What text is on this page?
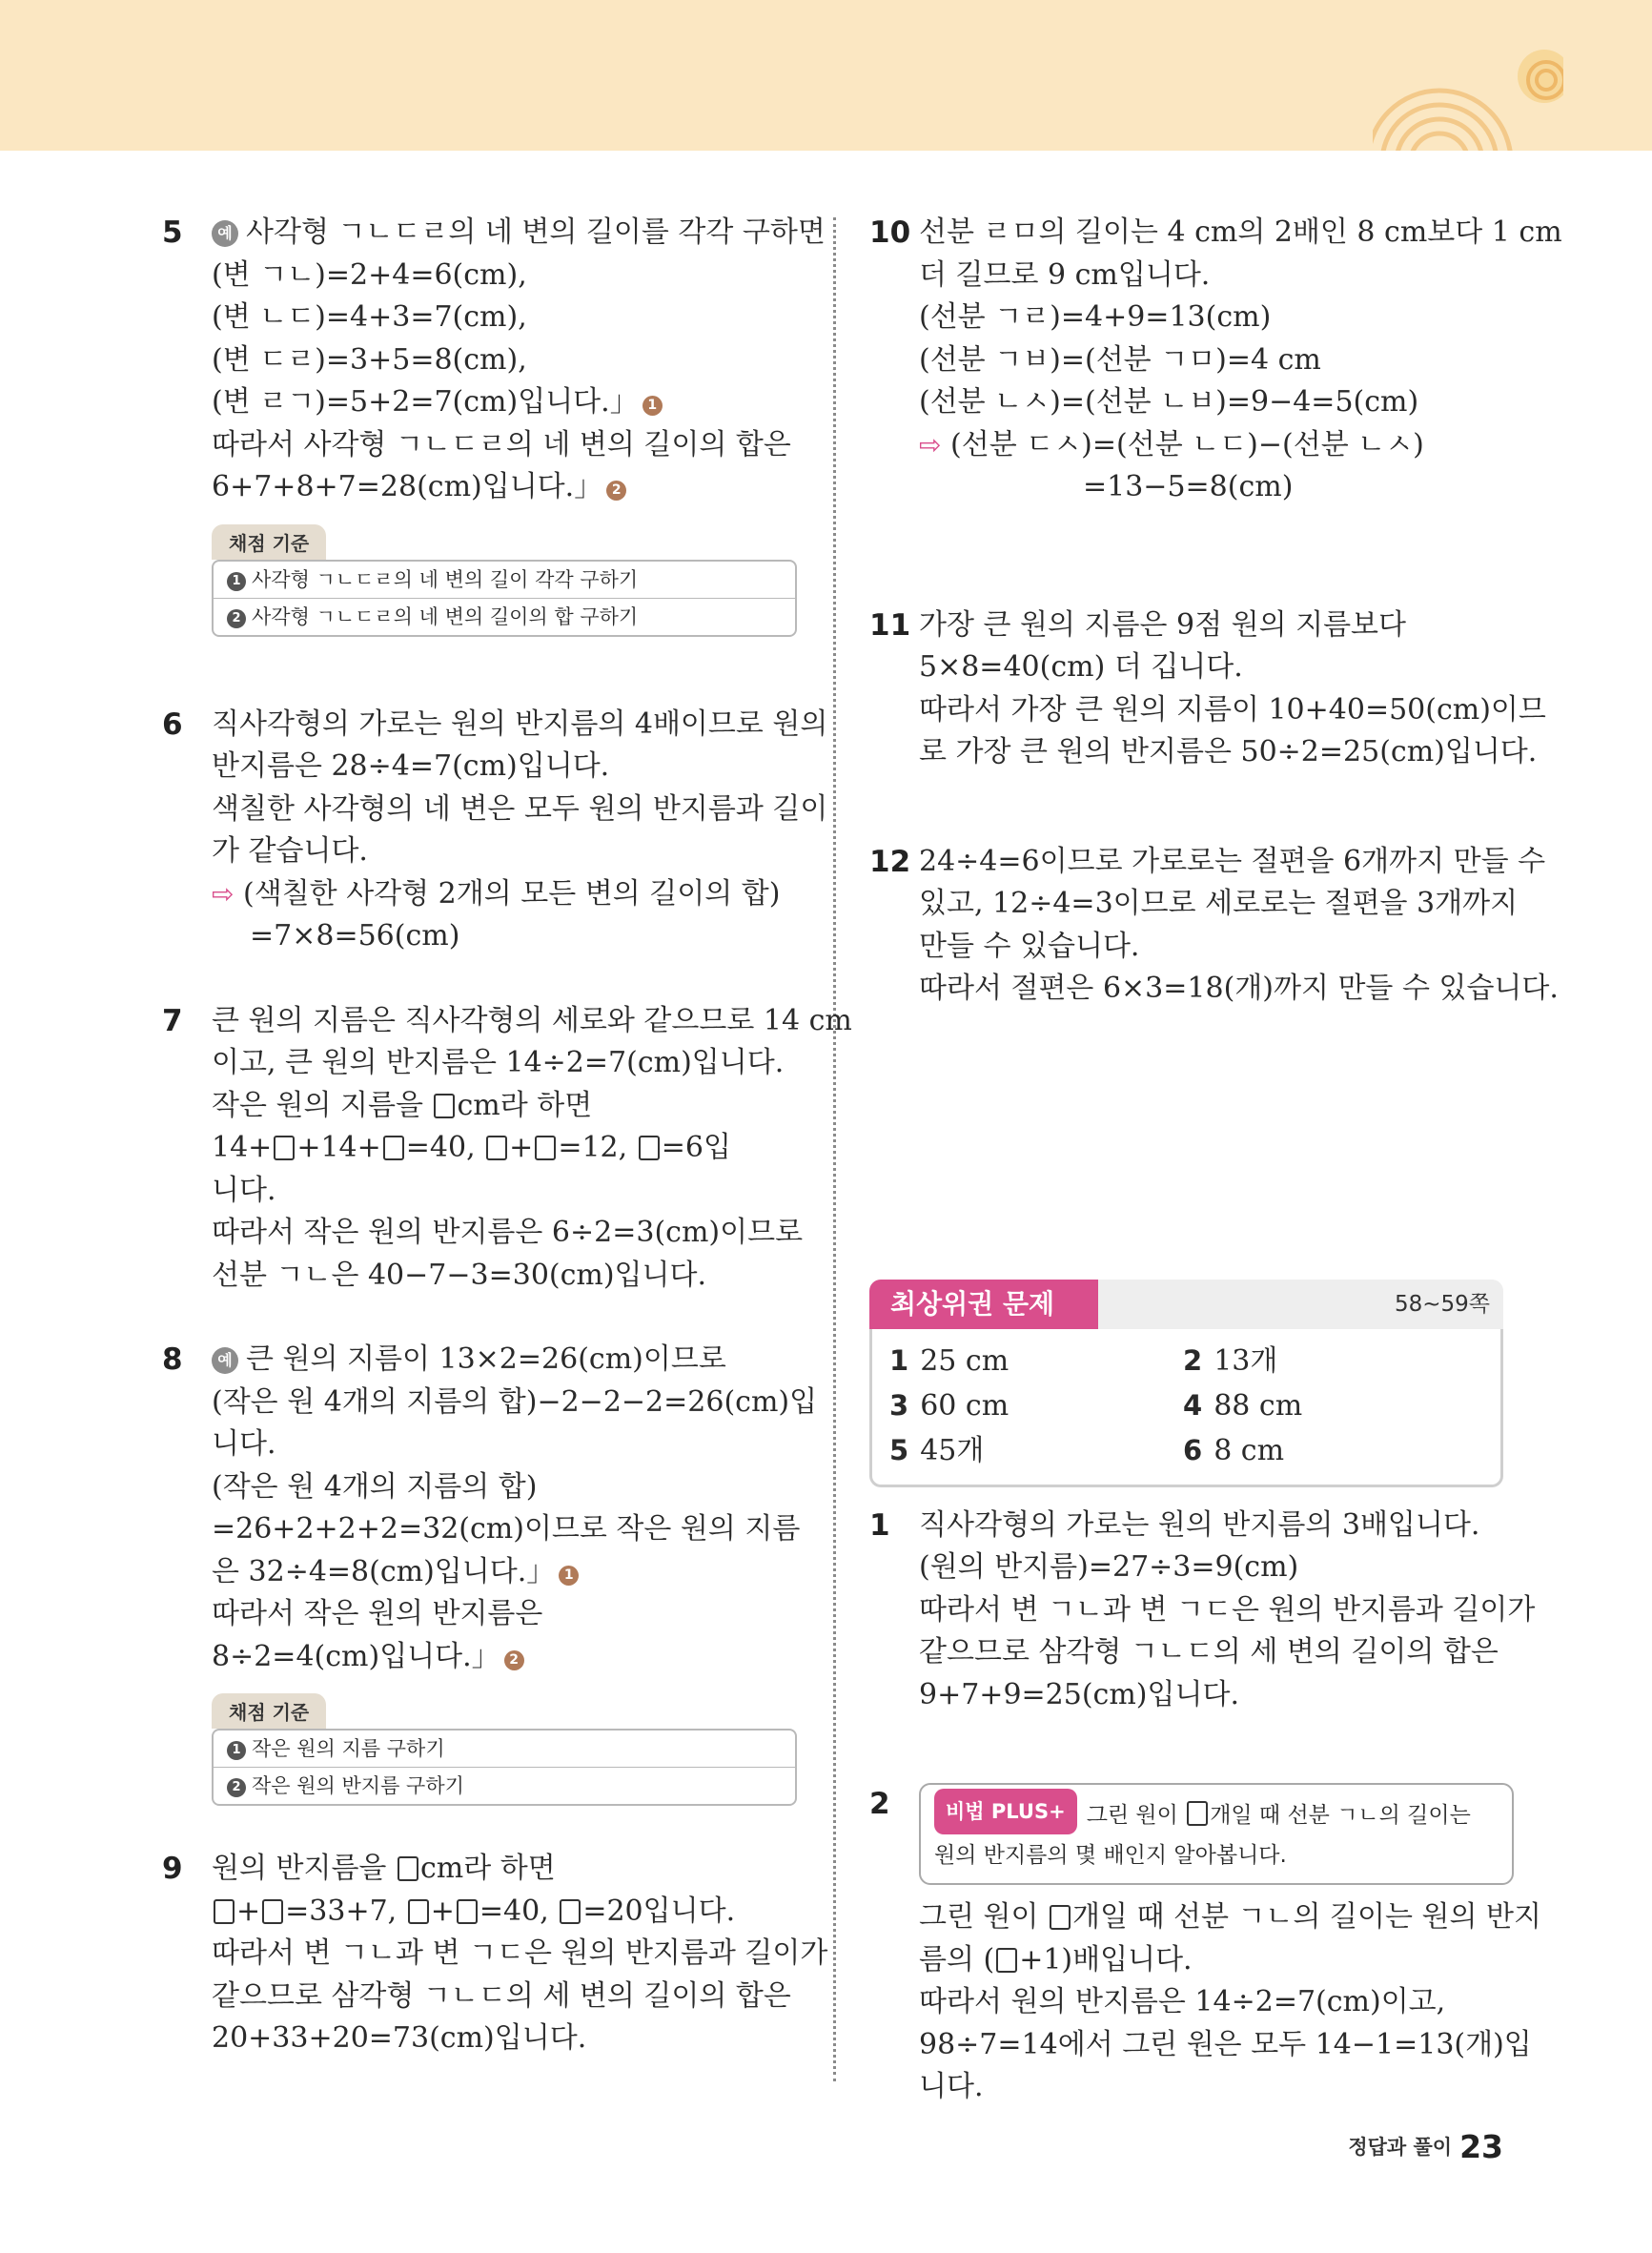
5	예 사각형 ㄱㄴㄷㄹ의 네 변의 길이를 각각 구하면
(변 ㄱㄴ)=2+4=6(cm),
(변 ㄴㄷ)=4+3=7(cm),
(변 ㄷㄹ)=3+5=8(cm),
(변 ㄹㄱ)=5+2=7(cm)입니다.」 1
따라서 사각형 ㄱㄴㄷㄹ의 네 변의 길이의 합은
6+7+8+7=28(cm)입니다.」 2
채점 기준
1 사각형 ㄱㄴㄷㄹ의 네 변의 길이 각각 구하기
2 사각형 ㄱㄴㄷㄹ의 네 변의 길이의 합 구하기
6 직사각형의 가로는 원의 반지름의 4배이므로 원의
반지름은 28÷4=7(cm)입니다.
색칠한 사각형의 네 변은 모두 원의 반지름과 길이
가 같습니다.
⇨ (색칠한 사각형 2개의 모든 변의 길이의 합)
=7×8=56(cm)
7 큰 원의 지름은 직사각형의 세로와 같으므로 14 cm
이고, 큰 원의 반지름은 14÷2=7(cm)입니다.
작은 원의 지름을 cm라 하면
14+ +14+ =40, + =12, =6입
니다.
따라서 작은 원의 반지름은 6÷2=3(cm)이므로
선분 ㄱㄴ은 40−7−3=30(cm)입니다.
8	예 큰 원의 지름이 13×2=26(cm)이므로
(작은 원 4개의 지름의 합)−2−2−2=26(cm)입
니다.
(작은 원 4개의 지름의 합)
=26+2+2+2=32(cm)이므로 작은 원의 지름
은 32÷4=8(cm)입니다.」 1
따라서 작은 원의 반지름은
8÷2=4(cm)입니다.」 2
채점 기준
1 작은 원의 지름 구하기
2 작은 원의 반지름 구하기
9 원의 반지름을 cm라 하면
+ =33+7, + =40, =20입니다.
따라서 변 ㄱㄴ과 변 ㄱㄷ은 원의 반지름과 길이가
같으므로 삼각형 ㄱㄴㄷ의 세 변의 길이의 합은
20+33+20=73(cm)입니다.
10 선분 ㄹㅁ의 길이는 4 cm의 2배인 8 cm보다 1 cm
더 길므로 9 cm입니다.
(선분 ㄱㄹ)=4+9=13(cm)
(선분 ㄱㅂ)=(선분 ㄱㅁ)=4 cm
(선분 ㄴㅅ)=(선분 ㄴㅂ)=9−4=5(cm)
⇨ (선분 ㄷㅅ)=(선분 ㄴㄷ)−(선분 ㄴㅅ)
=13−5=8(cm)
11 가장 큰 원의 지름은 9점 원의 지름보다
5×8=40(cm) 더 깁니다.
따라서 가장 큰 원의 지름이 10+40=50(cm)이므
로 가장 큰 원의 반지름은 50÷2=25(cm)입니다.
12 24÷4=6이므로 가로로는 절편을 6개까지 만들 수
있고, 12÷4=3이므로 세로로는 절편을 3개까지
만들 수 있습니다.
따라서 절편은 6×3=18(개)까지 만들 수 있습니다.
최상위권 문제	58~59쪽
1 25 cm	2 13개
3 60 cm	4 88 cm
5 45개	6 8 cm
1 직사각형의 가로는 원의 반지름의 3배입니다.
(원의 반지름)=27÷3=9(cm)
따라서 변 ㄱㄴ과 변 ㄱㄷ은 원의 반지름과 길이가
같으므로 삼각형 ㄱㄴㄷ의 세 변의 길이의 합은
9+7+9=25(cm)입니다.
2	비법 PLUS+ 그린 원이 개일 때 선분 ㄱㄴ의 길이는
원의 반지름의 몇 배인지 알아봅니다.
그린 원이 개일 때 선분 ㄱㄴ의 길이는 원의 반지
름의 ( +1)배입니다.
따라서 원의 반지름은 14÷2=7(cm)이고,
98÷7=14에서 그린 원은 모두 14−1=13(개)입
니다.
정답과 풀이 23
